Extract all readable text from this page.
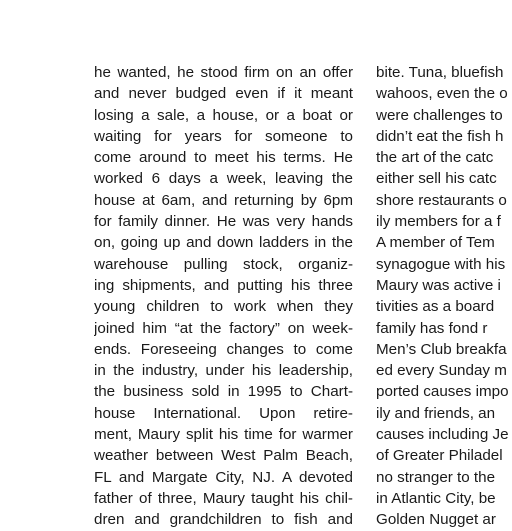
he wanted, he stood firm on an offer
and never budged even if it meant
losing a sale, a house, or a boat or
waiting for years for someone to
come around to meet his terms. He
worked 6 days a week, leaving the
house at 6am, and returning by 6pm
for family dinner. He was very hands
on, going up and down ladders in the
warehouse pulling stock, organiz-
ing shipments, and putting his three
young children to work when they
joined him “at the factory” on week-
ends. Foreseeing changes to come
in the industry, under his leadership,
the business sold in 1995 to Chart-
house International. Upon retire-
ment, Maury split his time for warmer
weather between West Palm Beach,
FL and Margate City, NJ. A devoted
father of three, Maury taught his chil-
dren and grandchildren to fish and
bite. Tuna, bluefish
wahoos, even the o
were challenges to
didn’t eat the fish h
the art of the catc
either sell his catc
shore restaurants o
ily members for a f
A member of Tem
synagogue with his
Maury was active i
tivities as a board
family has fond r
Men’s Club breakfa
ed every Sunday m
ported causes impo
ily and friends, an
causes including Je
of Greater Philadel
no stranger to the
in Atlantic City, be
Golden Nugget ar
